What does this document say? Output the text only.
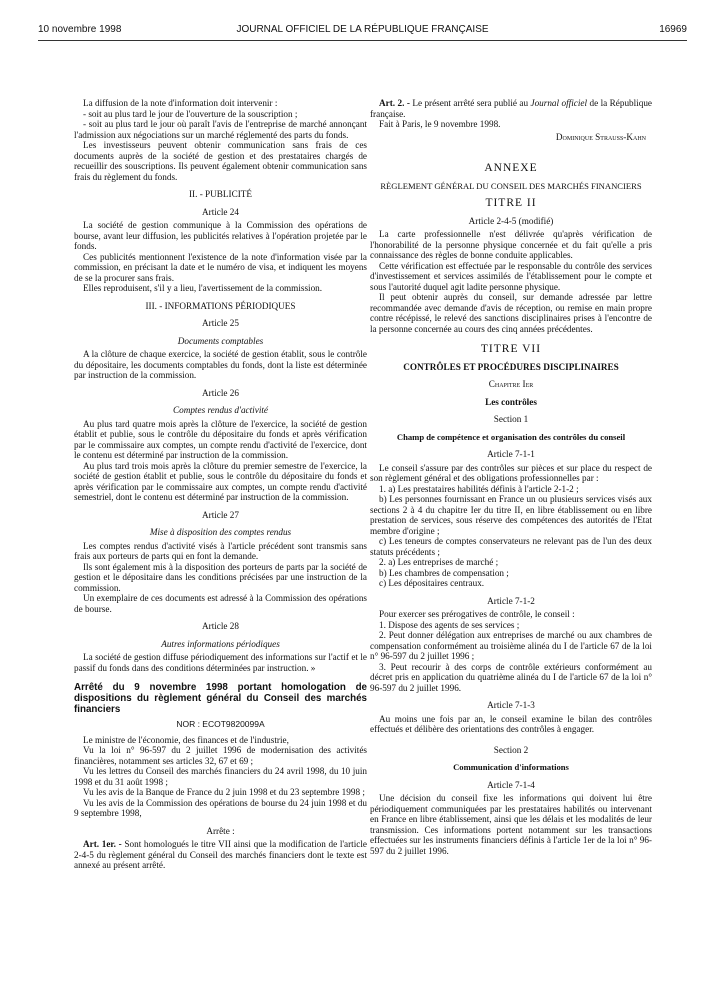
10 novembre 1998	JOURNAL OFFICIEL DE LA RÉPUBLIQUE FRANÇAISE	16969

La diffusion de la note d'information doit intervenir :

- soit au plus tard le jour de l'ouverture de la souscription ;

- soit au plus tard le jour où paraît l'avis de l'entreprise de marché annonçant l'admission aux négociations sur un marché réglementé des parts du fonds.

Les investisseurs peuvent obtenir communication sans frais de ces documents auprès de la société de gestion et des prestataires chargés de recueillir des souscriptions. Ils peuvent également obtenir communication sans frais du règlement du fonds.

II. - PUBLICITÉ
Article 24

La société de gestion communique à la Commission des opérations de bourse, avant leur diffusion, les publicités relatives à l'opération projetée par le fonds.

Ces publicités mentionnent l'existence de la note d'information visée par la commission, en précisant la date et le numéro de visa, et indiquent les moyens de se la procurer sans frais.

Elles reproduisent, s'il y a lieu, l'avertissement de la commission.

III. - INFORMATIONS PÉRIODIQUES
Article 25
Documents comptables

A la clôture de chaque exercice, la société de gestion établit, sous le contrôle du dépositaire, les documents comptables du fonds, dont la liste est déterminée par instruction de la commission.

Article 26
Comptes rendus d'activité

Au plus tard quatre mois après la clôture de l'exercice, la société de gestion établit et publie, sous le contrôle du dépositaire du fonds et après vérification par le commissaire aux comptes, un compte rendu d'activité de l'exercice, dont le contenu est déterminé par instruction de la commission.

Au plus tard trois mois après la clôture du premier semestre de l'exercice, la société de gestion établit et publie, sous le contrôle du dépositaire du fonds et après vérification par le commissaire aux comptes, un compte rendu d'activité semestriel, dont le contenu est déterminé par instruction de la commission.

Article 27
Mise à disposition des comptes rendus

Les comptes rendus d'activité visés à l'article précédent sont transmis sans frais aux porteurs de parts qui en font la demande.

Ils sont également mis à la disposition des porteurs de parts par la société de gestion et le dépositaire dans les conditions précisées par une instruction de la commission.

Un exemplaire de ces documents est adressé à la Commission des opérations de bourse.

Article 28
Autres informations périodiques

La société de gestion diffuse périodiquement des informations sur l'actif et le passif du fonds dans des conditions déterminées par instruction. »

Arrêté du 9 novembre 1998 portant homologation de dispositions du règlement général du Conseil des marchés financiers
NOR : ECOT9820099A

Le ministre de l'économie, des finances et de l'industrie,

Vu la loi n° 96-597 du 2 juillet 1996 de modernisation des activités financières, notamment ses articles 32, 67 et 69 ;

Vu les lettres du Conseil des marchés financiers du 24 avril 1998, du 10 juin 1998 et du 31 août 1998 ;

Vu les avis de la Banque de France du 2 juin 1998 et du 23 septembre 1998 ;

Vu les avis de la Commission des opérations de bourse du 24 juin 1998 et du 9 septembre 1998,

Arrête :

Art. 1er. - Sont homologués le titre VII ainsi que la modification de l'article 2-4-5 du règlement général du Conseil des marchés financiers dont le texte est annexé au présent arrêté.

Art. 2. - Le présent arrêté sera publié au Journal officiel de la République française.

Fait à Paris, le 9 novembre 1998.

Dominique Strauss-Kahn
ANNEXE
RÈGLEMENT GÉNÉRAL DU CONSEIL DES MARCHÉS FINANCIERS
TITRE II
Article 2-4-5 (modifié)

La carte professionnelle n'est délivrée qu'après vérification de l'honorabilité de la personne physique concernée et du fait qu'elle a pris connaissance des règles de bonne conduite applicables.

Cette vérification est effectuée par le responsable du contrôle des services d'investissement et services assimilés de l'établissement pour le compte et sous l'autorité duquel agit ladite personne physique.

Il peut obtenir auprès du conseil, sur demande adressée par lettre recommandée avec demande d'avis de réception, ou remise en main propre contre récépissé, le relevé des sanctions disciplinaires prises à l'encontre de la personne concernée au cours des cinq années précédentes.

TITRE VII
CONTRÔLES ET PROCÉDURES DISCIPLINAIRES
Chapitre Ier
Les contrôles
Section 1
Champ de compétence et organisation des contrôles du conseil
Article 7-1-1

Le conseil s'assure par des contrôles sur pièces et sur place du respect de son règlement général et des obligations professionnelles par :

1. a) Les prestataires habilités définis à l'article 2-1-2 ;

b) Les personnes fournissant en France un ou plusieurs services visés aux sections 2 à 4 du chapitre Ier du titre II, en libre établissement ou en libre prestation de services, sous réserve des compétences des autorités de l'Etat membre d'origine ;

c) Les teneurs de comptes conservateurs ne relevant pas de l'un des deux statuts précédents ;

2. a) Les entreprises de marché ;

b) Les chambres de compensation ;

c) Les dépositaires centraux.

Article 7-1-2

Pour exercer ses prérogatives de contrôle, le conseil :

1. Dispose des agents de ses services ;

2. Peut donner délégation aux entreprises de marché ou aux chambres de compensation conformément au troisième alinéa du I de l'article 67 de la loi n° 96-597 du 2 juillet 1996 ;

3. Peut recourir à des corps de contrôle extérieurs conformément au décret pris en application du quatrième alinéa du I de l'article 67 de la loi n° 96-597 du 2 juillet 1996.

Article 7-1-3

Au moins une fois par an, le conseil examine le bilan des contrôles effectués et délibère des orientations des contrôles à engager.

Section 2
Communication d'informations
Article 7-1-4

Une décision du conseil fixe les informations qui doivent lui être périodiquement communiquées par les prestataires habilités ou intervenant en France en libre établissement, ainsi que les délais et les modalités de leur transmission. Ces informations portent notamment sur les transactions effectuées sur les instruments financiers définis à l'article 1er de la loi n° 96-597 du 2 juillet 1996.
